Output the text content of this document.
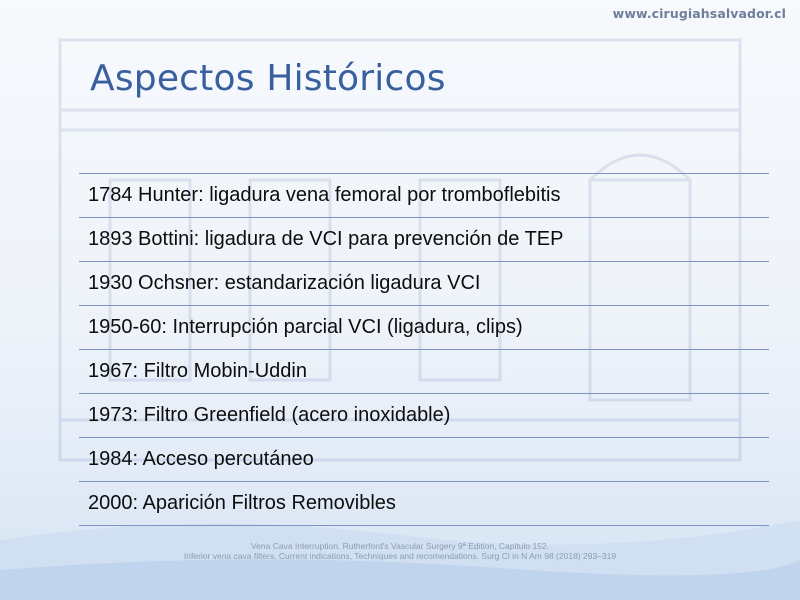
www.cirugiahsalvador.cl
Aspectos Históricos
1784 Hunter: ligadura vena femoral por tromboflebitis
1893 Bottini: ligadura de VCI para prevención de TEP
1930 Ochsner: estandarización ligadura VCI
1950-60: Interrupción parcial VCI (ligadura, clips)
1967: Filtro Mobin-Uddin
1973: Filtro Greenfield (acero inoxidable)
1984: Acceso percutáneo
2000: Aparición Filtros Removibles
Vena Cava Interruption. Rutherford's Vascular Surgery 9ª Edition, Capitulo 152.
Inferior vena cava filters. Current indications, Techniques and recomendations. Surg Cl in N Am 98 (2018) 293–319
